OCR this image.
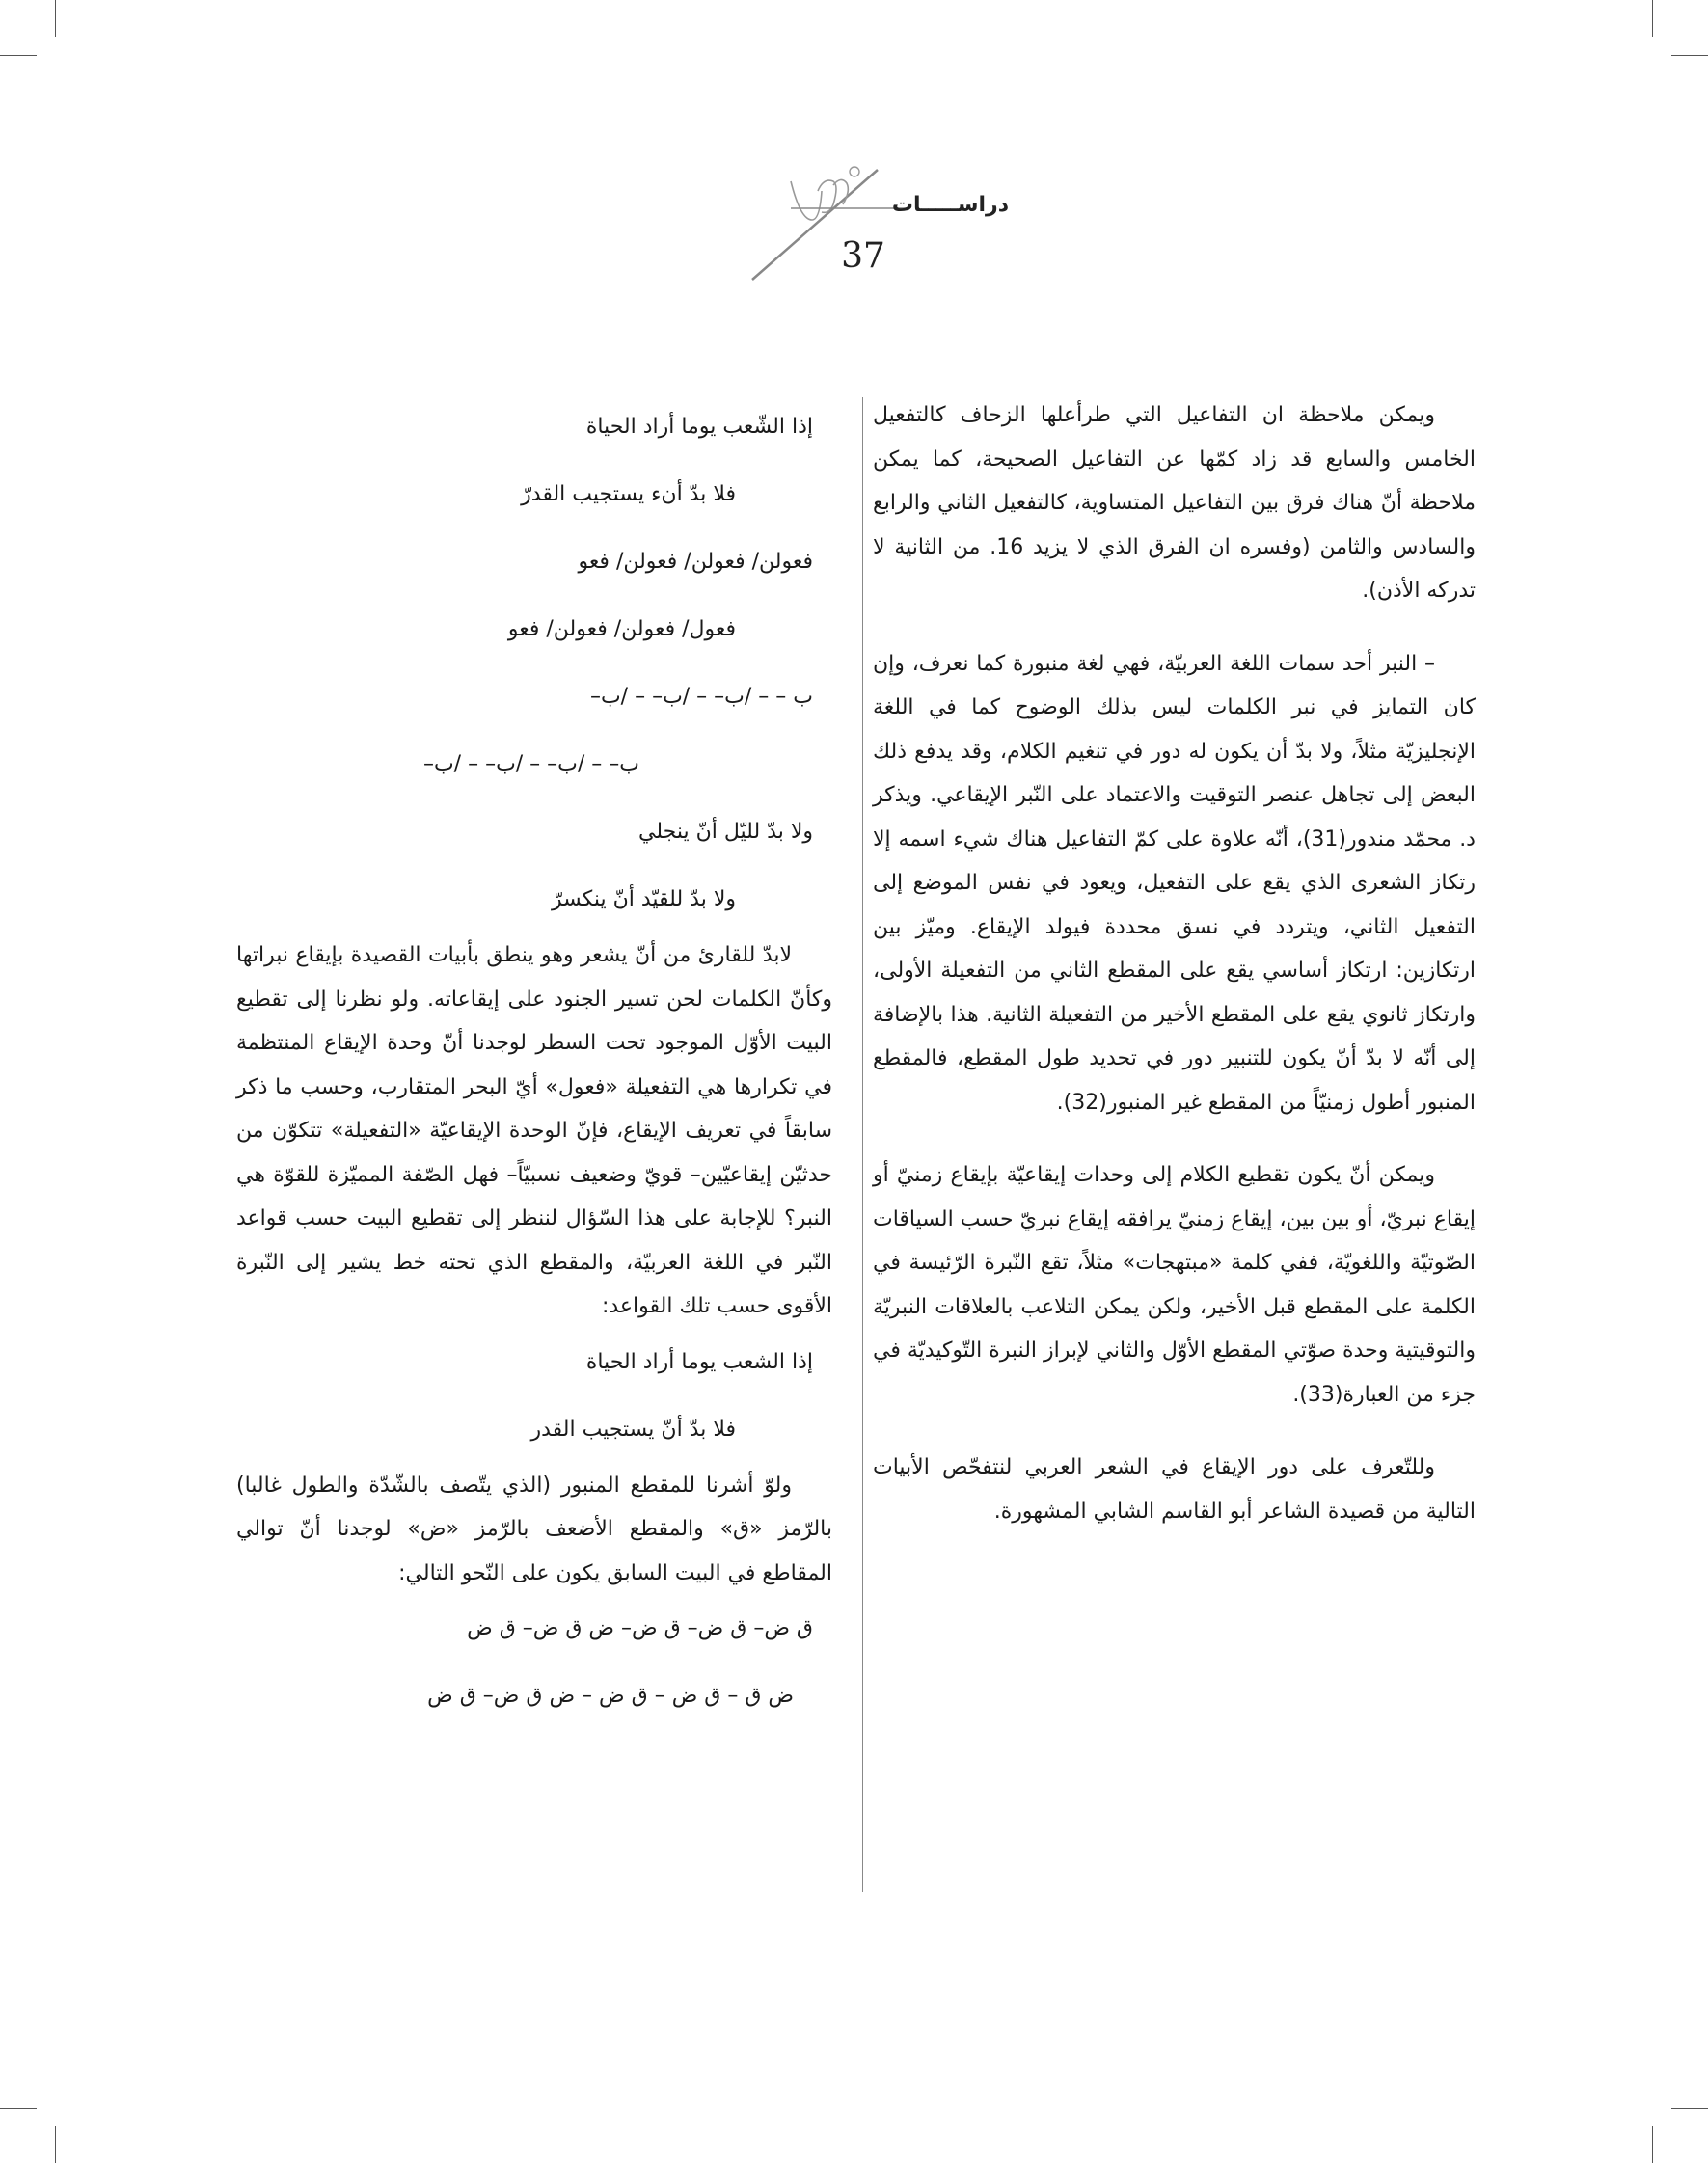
دراســـــات
37

ويمكن ملاحظة ان التفاعيل التي طرأعلها الزحاف كالتفعيل الخامس والسابع قد زاد كمّها عن التفاعيل الصحيحة، كما يمكن ملاحظة أنّ هناك فرق بين التفاعيل المتساوية، كالتفعيل الثاني والرابع والسادس والثامن (وفسره ان الفرق الذي لا يزيد 16. من الثانية لا تدركه الأذن).

– النبر أحد سمات اللغة العربيّة، فهي لغة منبورة كما نعرف، وإن كان التمايز في نبر الكلمات ليس بذلك الوضوح كما في اللغة الإنجليزيّة مثلاً، ولا بدّ أن يكون له دور في تنغيم الكلام، وقد يدفع ذلك البعض إلى تجاهل عنصر التوقيت والاعتماد على النّبر الإيقاعي. ويذكر د. محمّد مندور(31)، أنّه علاوة على كمّ التفاعيل هناك شيء اسمه إلا رتكاز الشعرى الذي يقع على التفعيل، ويعود في نفس الموضع إلى التفعيل الثاني، ويتردد في نسق محددة فيولد الإيقاع. وميّز بين ارتكازين: ارتكاز أساسي يقع على المقطع الثاني من التفعيلة الأولى، وارتكاز ثانوي يقع على المقطع الأخير من التفعيلة الثانية. هذا بالإضافة إلى أنّه لا بدّ أنّ يكون للتنبير دور في تحديد طول المقطع، فالمقطع المنبور أطول زمنيّاً من المقطع غير المنبور(32).

ويمكن أنّ يكون تقطيع الكلام إلى وحدات إيقاعيّة بإيقاع زمنيّ أو إيقاع نبريّ، أو بين بين، إيقاع زمنيّ يرافقه إيقاع نبريّ حسب السياقات الصّوتيّة واللغويّة، ففي كلمة «مبتهجات» مثلاً، تقع النّبرة الرّئيسة في الكلمة على المقطع قبل الأخير، ولكن يمكن التلاعب بالعلاقات النبريّة والتوقيتية وحدة صوّتي المقطع الأوّل والثاني لإبراز النبرة التّوكيديّة في جزء من العبارة(33).

وللتّعرف على دور الإيقاع في الشعر العربي لنتفحّص الأبيات التالية من قصيدة الشاعر أبو القاسم الشابي المشهورة.

إذا الشّعب يوما أراد الحياة

فلا بدّ أنء يستجيب القدرّ

فعولن/ فعولن/ فعولن/ فعو

فعول/ فعولن/ فعولن/ فعو

ب – – /ب– – /ب– – /ب–

ب– – /ب– – /ب– – /ب–

ولا بدّ لليّل أنّ ينجلي

ولا بدّ للقيّد أنّ ينكسرّ

لابدّ للقارئ من أنّ يشعر وهو ينطق بأبيات القصيدة بإيقاع نبراتها وكأنّ الكلمات لحن تسير الجنود على إيقاعاته. ولو نظرنا إلى تقطيع البيت الأوّل الموجود تحت السطر لوجدنا أنّ وحدة الإيقاع المنتظمة في تكرارها هي التفعيلة «فعول» أيّ البحر المتقارب، وحسب ما ذكر سابقاً في تعريف الإيقاع، فإنّ الوحدة الإيقاعيّة «التفعيلة» تتكوّن من حدثيّن إيقاعيّين– قويّ وضعيف نسبيّاً– فهل الصّفة المميّزة للقوّة هي النبر؟ للإجابة على هذا السّؤال لننظر إلى تقطيع البيت حسب قواعد النّبر في اللغة العربيّة، والمقطع الذي تحته خط يشير إلى النّبرة الأقوى حسب تلك القواعد:

إذا الشعب يوما أراد الحياة

فلا بدّ أنّ يستجيب القدر

ولوّ أشرنا للمقطع المنبور (الذي يتّصف بالشّدّة والطول غالبا) بالرّمز «ق» والمقطع الأضعف بالرّمز «ض» لوجدنا أنّ توالي المقاطع في البيت السابق يكون على النّحو التالي:

ق ض– ق ض– ق ض– ض ق ض– ق ض

ض ق – ق ض – ق ض – ض ق ض– ق ض
